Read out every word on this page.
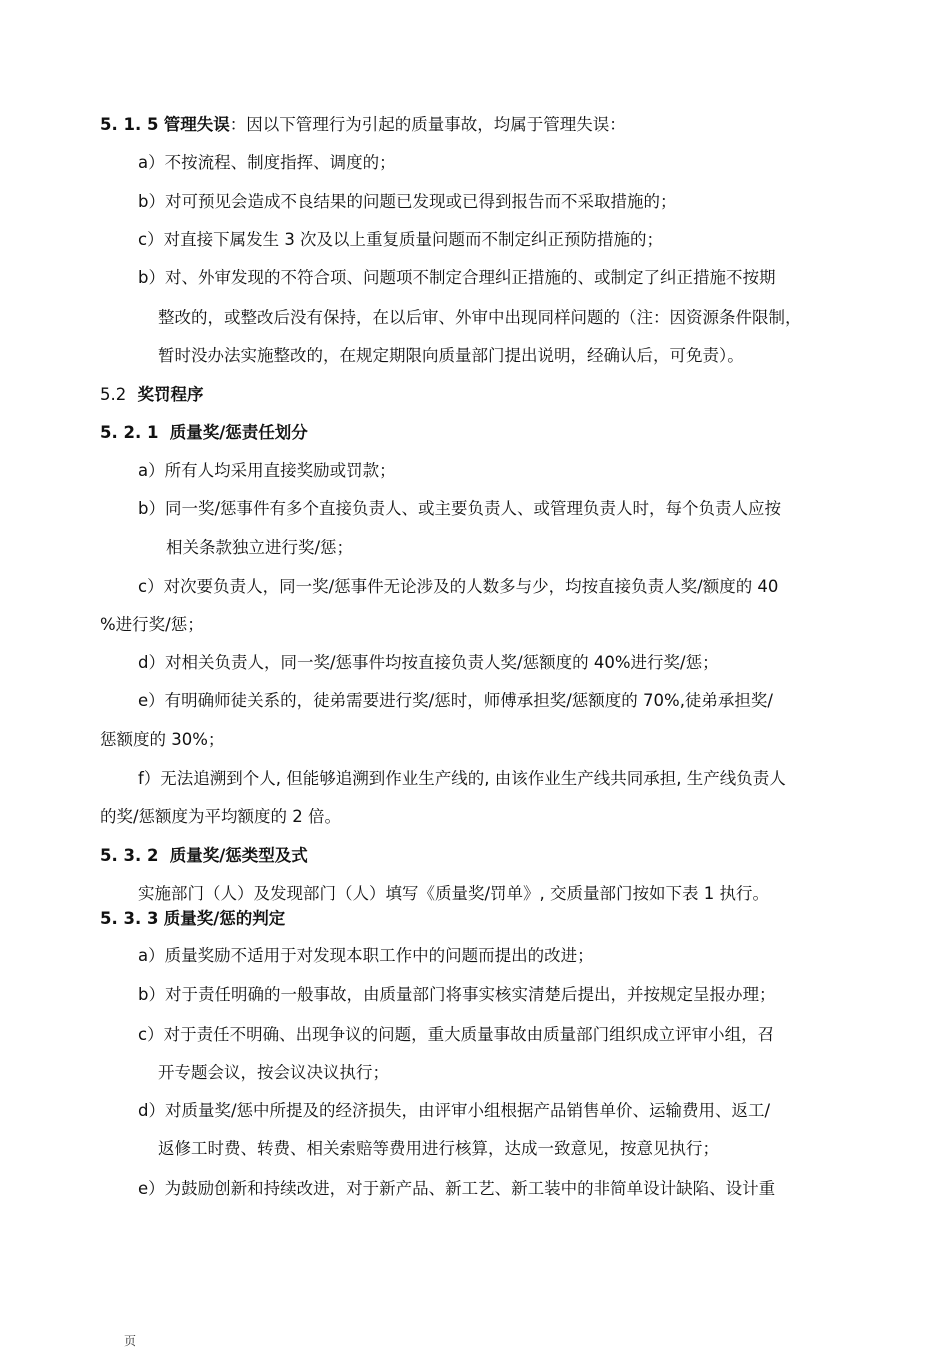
5. 1. 5 管理失误：因以下管理行为引起的质量事故，均属于管理失误：
a）不按流程、制度指挥、调度的；
b）对可预见会造成不良结果的问题已发现或已得到报告而不采取措施的；
c）对直接下属发生 3 次及以上重复质量问题而不制定纠正预防措施的；
b）对、外审发现的不符合项、问题项不制定合理纠正措施的、或制定了纠正措施不按期
整改的，或整改后没有保持，在以后审、外审中出现同样问题的（注：因资源条件限制，
暂时没办法实施整改的，在规定期限向质量部门提出说明，经确认后，可免责）。
5.2 奖罚程序
5. 2. 1 质量奖/惩责任划分
a）所有人均采用直接奖励或罚款；
b）同一奖/惩事件有多个直接负责人、或主要负责人、或管理负责人时，每个负责人应按
相关条款独立进行奖/惩；
c）对次要负责人，同一奖/惩事件无论涉及的人数多与少，均按直接负责人奖/额度的 40
%进行奖/惩；
d）对相关负责人，同一奖/惩事件均按直接负责人奖/惩额度的 40%进行奖/惩；
e）有明确师徒关系的，徒弟需要进行奖/惩时，师傅承担奖/惩额度的 70%,徒弟承担奖/
惩额度的 30%；
f）无法追溯到个人, 但能够追溯到作业生产线的, 由该作业生产线共同承担, 生产线负责人
的奖/惩额度为平均额度的 2 倍。
5. 3. 2 质量奖/惩类型及式
实施部门（人）及发现部门（人）填写《质量奖/罚单》, 交质量部门按如下表 1 执行。
5. 3. 3 质量奖/惩的判定
a）质量奖励不适用于对发现本职工作中的问题而提出的改进；
b）对于责任明确的一般事故，由质量部门将事实核实清楚后提出，并按规定呈报办理；
c）对于责任不明确、出现争议的问题，重大质量事故由质量部门组织成立评审小组，召
开专题会议，按会议决议执行；
d）对质量奖/惩中所提及的经济损失，由评审小组根据产品销售单价、运输费用、返工/
返修工时费、转费、相关索赔等费用进行核算，达成一致意见，按意见执行；
e）为鼓励创新和持续改进，对于新产品、新工艺、新工装中的非简单设计缺陷、设计重
页
